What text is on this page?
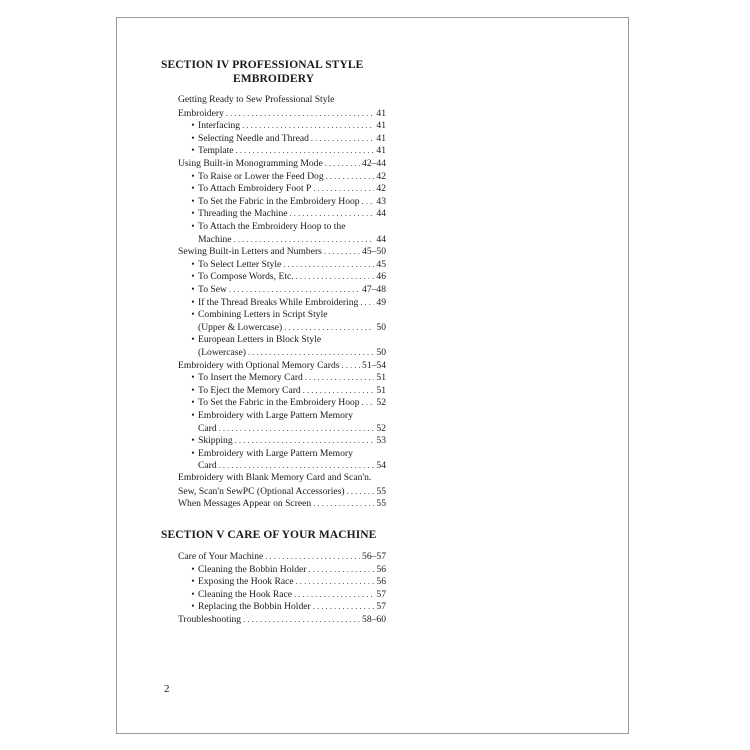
SECTION IV PROFESSIONAL STYLE
EMBROIDERY
Getting Ready to Sew Professional Style
Embroidery . . .	41
• Interfacing . . .	41
• Selecting Needle and Thread . . .	41
• Template . . .	41
Using Built-in Monogramming Mode . . .	42–44
• To Raise or Lower the Feed Dog . . .	42
• To Attach Embroidery Foot P . . .	42
• To Set the Fabric in the Embroidery Hoop . . . 43
• Threading the Machine . . .	44
• To Attach the Embroidery Hoop to the
Machine . . .	44
Sewing Built-in Letters and Numbers . . .	45–50
• To Select Letter Style . . .	45
• To Compose Words, Etc. . . .	46
• To Sew . . .	47–48
• If the Thread Breaks While Embroidering . . . 49
• Combining Letters in Script Style
(Upper & Lowercase) . . .	50
• European Letters in Block Style
(Lowercase) . . .	50
Embroidery with Optional Memory Cards . . . 51–54
• To Insert the Memory Card . . .	51
• To Eject the Memory Card . . .	51
• To Set the Fabric in the Embroidery Hoop . . . 52
• Embroidery with Large Pattern Memory
Card . . .	52
• Skipping . . .	53
• Embroidery with Large Pattern Memory
Card . . .	54
Embroidery with Blank Memory Card and Scan'n.
Sew, Scan'n SewPC (Optional Accessories) . . .	55
When Messages Appear on Screen . . .	55
SECTION V CARE OF YOUR MACHINE
Care of Your Machine . . .	56–57
• Cleaning the Bobbin Holder . . .	56
• Exposing the Hook Race . . .	56
• Cleaning the Hook Race . . .	57
• Replacing the Bobbin Holder . . .	57
Troubleshooting . . .	58–60
2
